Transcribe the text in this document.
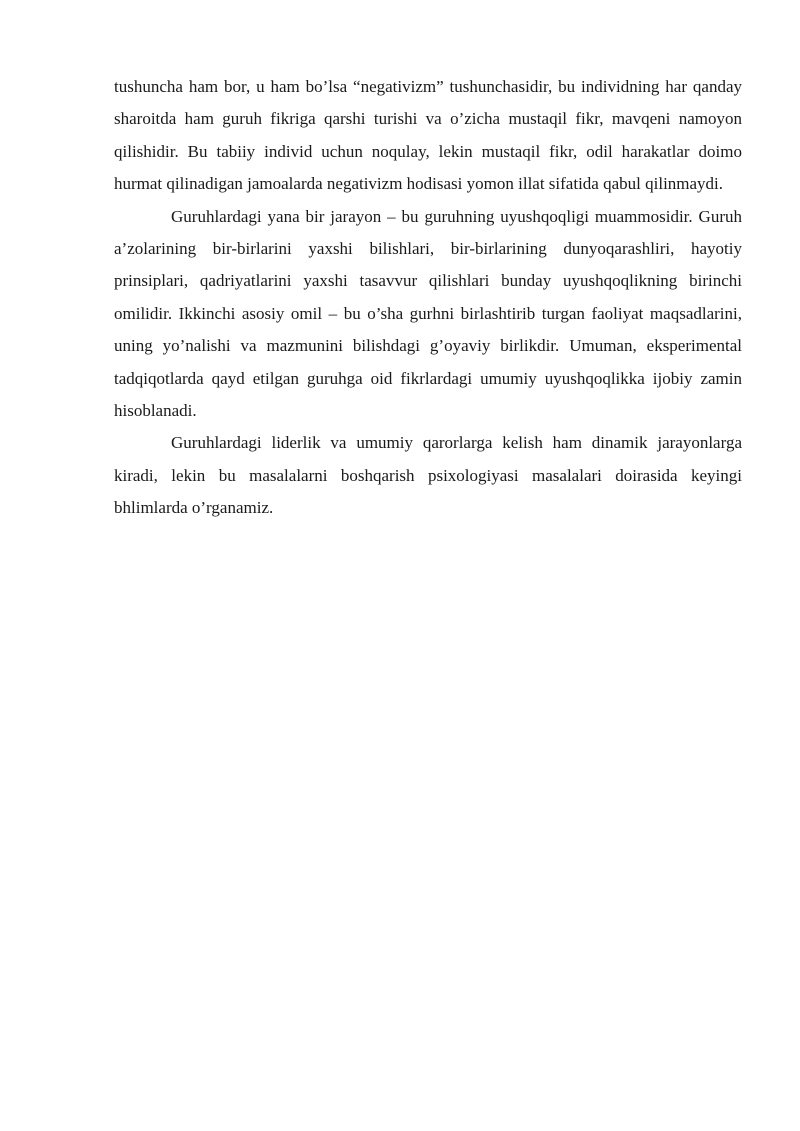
tushuncha ham bor, u ham bo’lsa “negativizm” tushunchasidir, bu individning har qanday sharoitda ham guruh fikriga qarshi turishi va o’zicha mustaqil fikr, mavqeni namoyon qilishidir. Bu tabiiy individ uchun noqulay, lekin mustaqil fikr, odil harakatlar doimo hurmat qilinadigan jamoalarda negativizm hodisasi yomon illat sifatida qabul qilinmaydi.

Guruhlardagi yana bir jarayon – bu guruhning uyushqoqligi muammosidir. Guruh a’zolarining bir-birlarini yaxshi bilishlari, bir-birlarining dunyoqarashliri, hayotiy prinsiplari, qadriyatlarini yaxshi tasavvur qilishlari bunday uyushqoqlikning birinchi omilidir. Ikkinchi asosiy omil – bu o’sha gurhni birlashtirib turgan faoliyat maqsadlarini, uning yo’nalishi va mazmunini bilishdagi g’oyaviy birlikdir. Umuman, eksperimental tadqiqotlarda qayd etilgan guruhga oid fikrlardagi umumiy uyushqoqlikka ijobiy zamin hisoblanadi.

Guruhlardagi liderlik va umumiy qarorlarga kelish ham dinamik jarayonlarga kiradi, lekin bu masalalarni boshqarish psixologiyasi masalalari doirasida keyingi bhlimlarda o’rganamiz.
